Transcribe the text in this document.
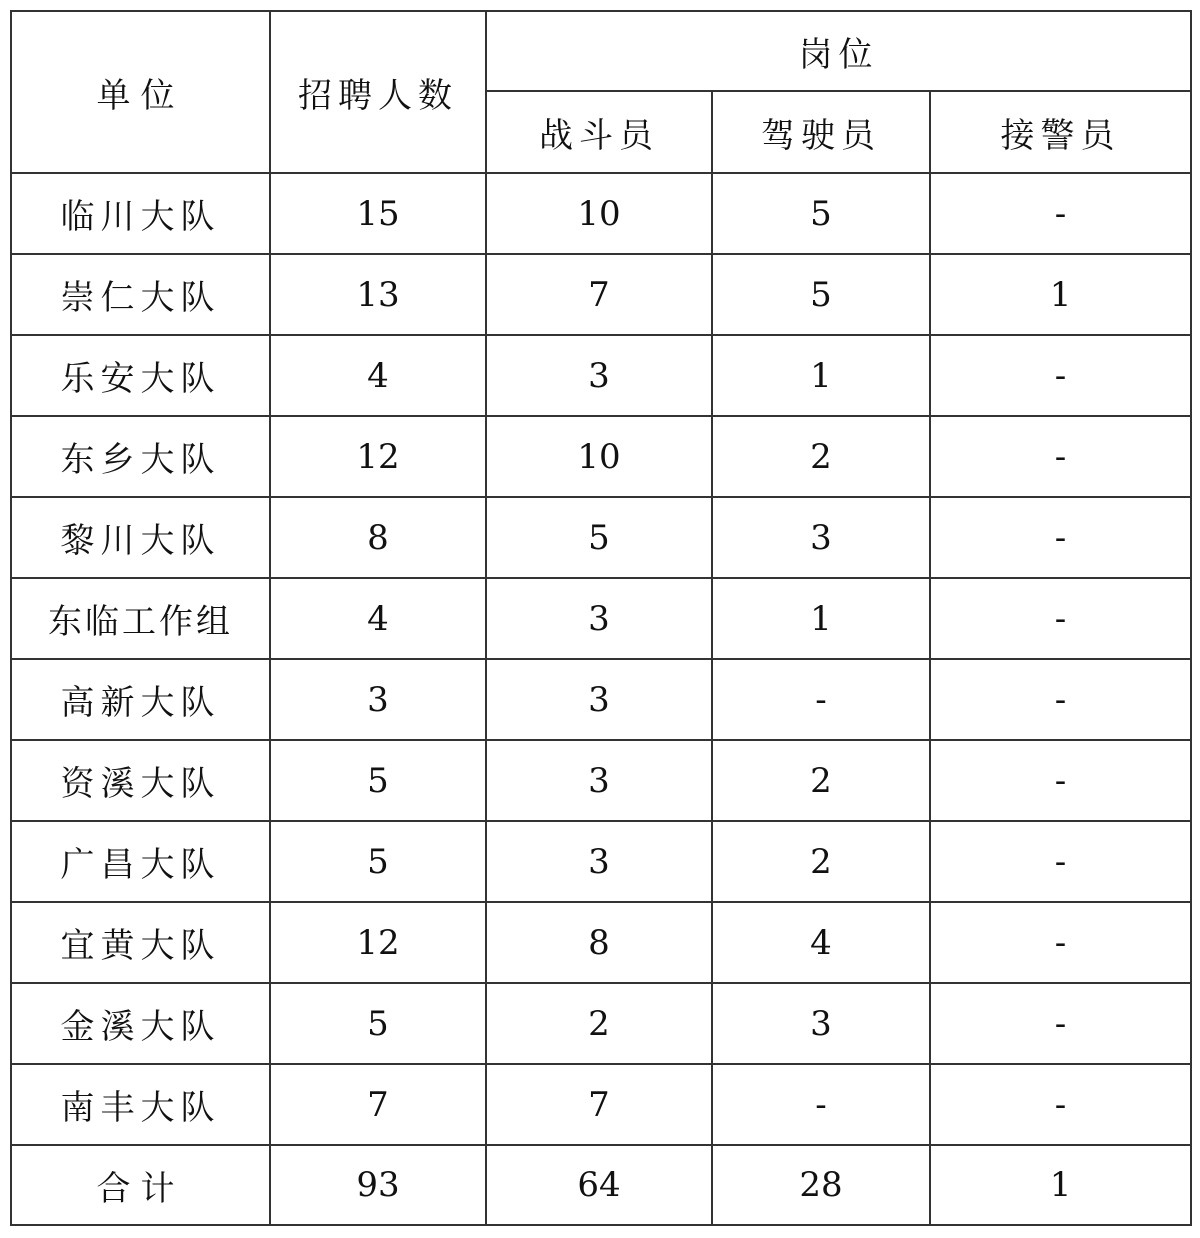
单位	招聘人数	岗位		
		战斗员	驾驶员	接警员
临川大队	15	10	5	-
崇仁大队	13	7	5	1
乐安大队	4	3	1	-
东乡大队	12	10	2	-
黎川大队	8	5	3	-
东临工作组	4	3	1	-
高新大队	3	3	-	-
资溪大队	5	3	2	-
广昌大队	5	3	2	-
宜黄大队	12	8	4	-
金溪大队	5	2	3	-
南丰大队	7	7	-	-
合计	93	64	28	1
